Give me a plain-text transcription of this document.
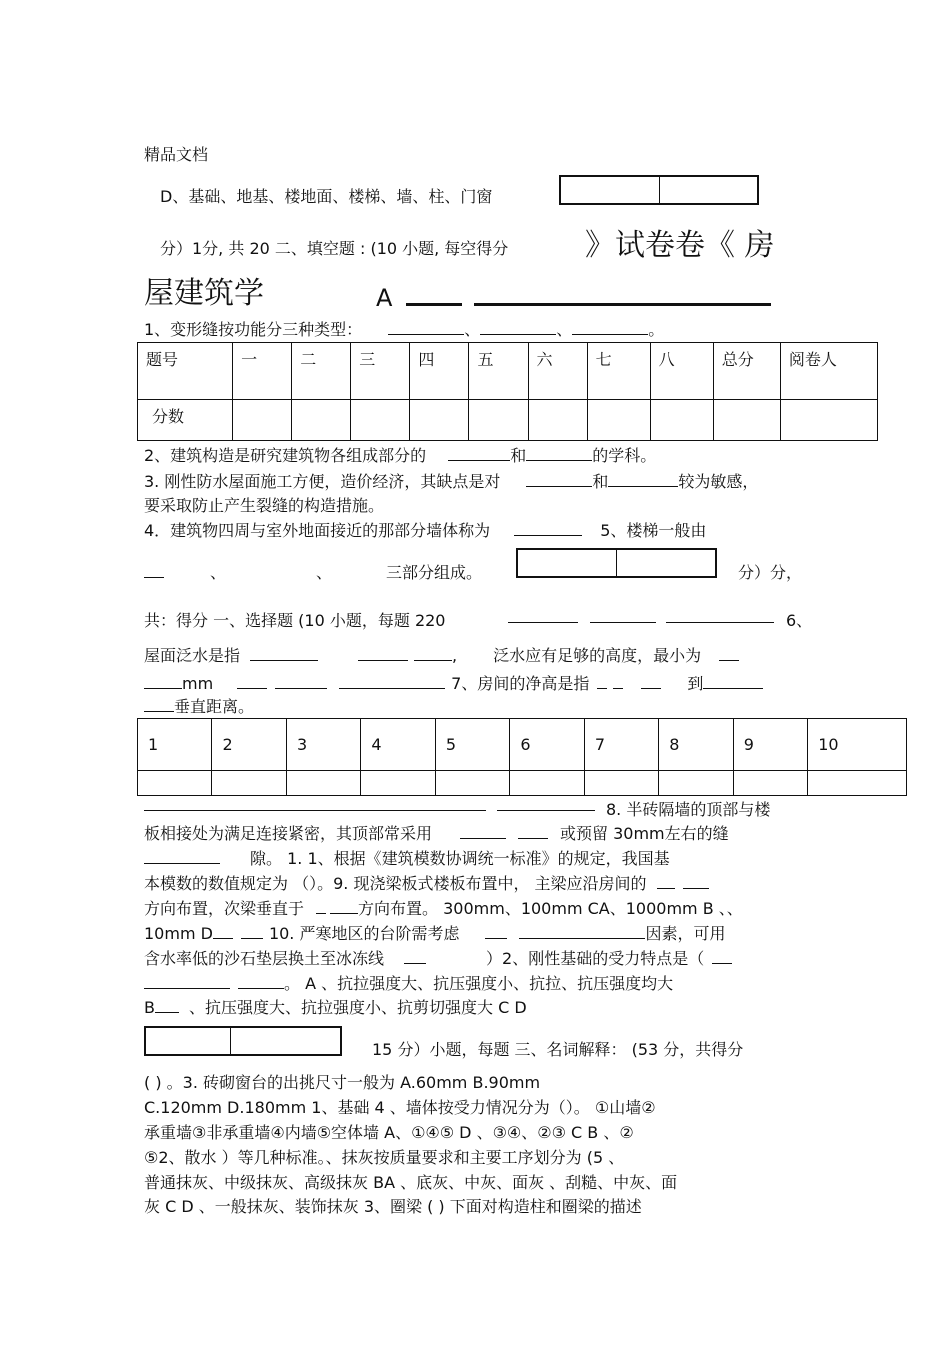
精品文档
D、基础、地基、楼地面、楼梯、墙、柱、门窗
分）1分, 共 20 二、填空题 : (10 小题, 每空得分	》试卷卷《 房
屋建筑学	A
1、变形缝按功能分三种类型：	、	、	。
题号	一	二	三	四	五	六	七	八	总分	阅卷人
分数										
2、建筑构造是研究建筑物各组成部分的	和	的学科。
3. 刚性防水屋面施工方便，造价经济，其缺点是对	和	较为敏感，
要采取防止产生裂缝的构造措施。
4．建筑物四周与室外地面接近的那部分墙体称为	5、楼梯一般由
、	、	三部分组成。	分）分，
共：得分 一、选择题 (10 小题，每题 220	6、
屋面泛水是指	, 泛水应有足够的高度，最小为
mm	7、房间的净高是指	到
垂直距离。
1	2	3	4	5	6	7	8	9	10

8. 半砖隔墙的顶部与楼
板相接处为满足连接紧密，其顶部常采用	或预留 30mm左右的缝
隙。 1. 1、根据《建筑模数协调统一标准》的规定，我国基
本模数的数值规定为 （）。9. 现浇梁板式楼板布置中， 主梁应沿房间的
方向布置，次梁垂直于	方向布置。 300mm、100mm CA、1000mm B 、、
10mm D	10. 严寒地区的台阶需考虑	因素，可用
含水率低的沙石垫层换土至冰冻线	）2、刚性基础的受力特点是（
。 A 、抗拉强度大、抗压强度小、抗拉、抗压强度均大
B 、抗压强度大、抗拉强度小、抗剪切强度大 C D
15 分）小题，每题 三、名词解释： (53 分，共得分
( ) 。3. 砖砌窗台的出挑尺寸一般为 A.60mm B.90mm
C.120mm D.180mm 1、基础 4 、墙体按受力情况分为（）。 ①山墙②
承重墙③非承重墙④内墙⑤空体墙 A、①④⑤ D 、③④、②③ C B 、②
⑤2、散水 ）等几种标准。、抹灰按质量要求和主要工序划分为 (5 、
普通抹灰、中级抹灰、高级抹灰 BA 、底灰、中灰、面灰 、刮糙、中灰、面
灰 C D 、一般抹灰、装饰抹灰 3、圈梁 ( ) 下面对构造柱和圈梁的描述
